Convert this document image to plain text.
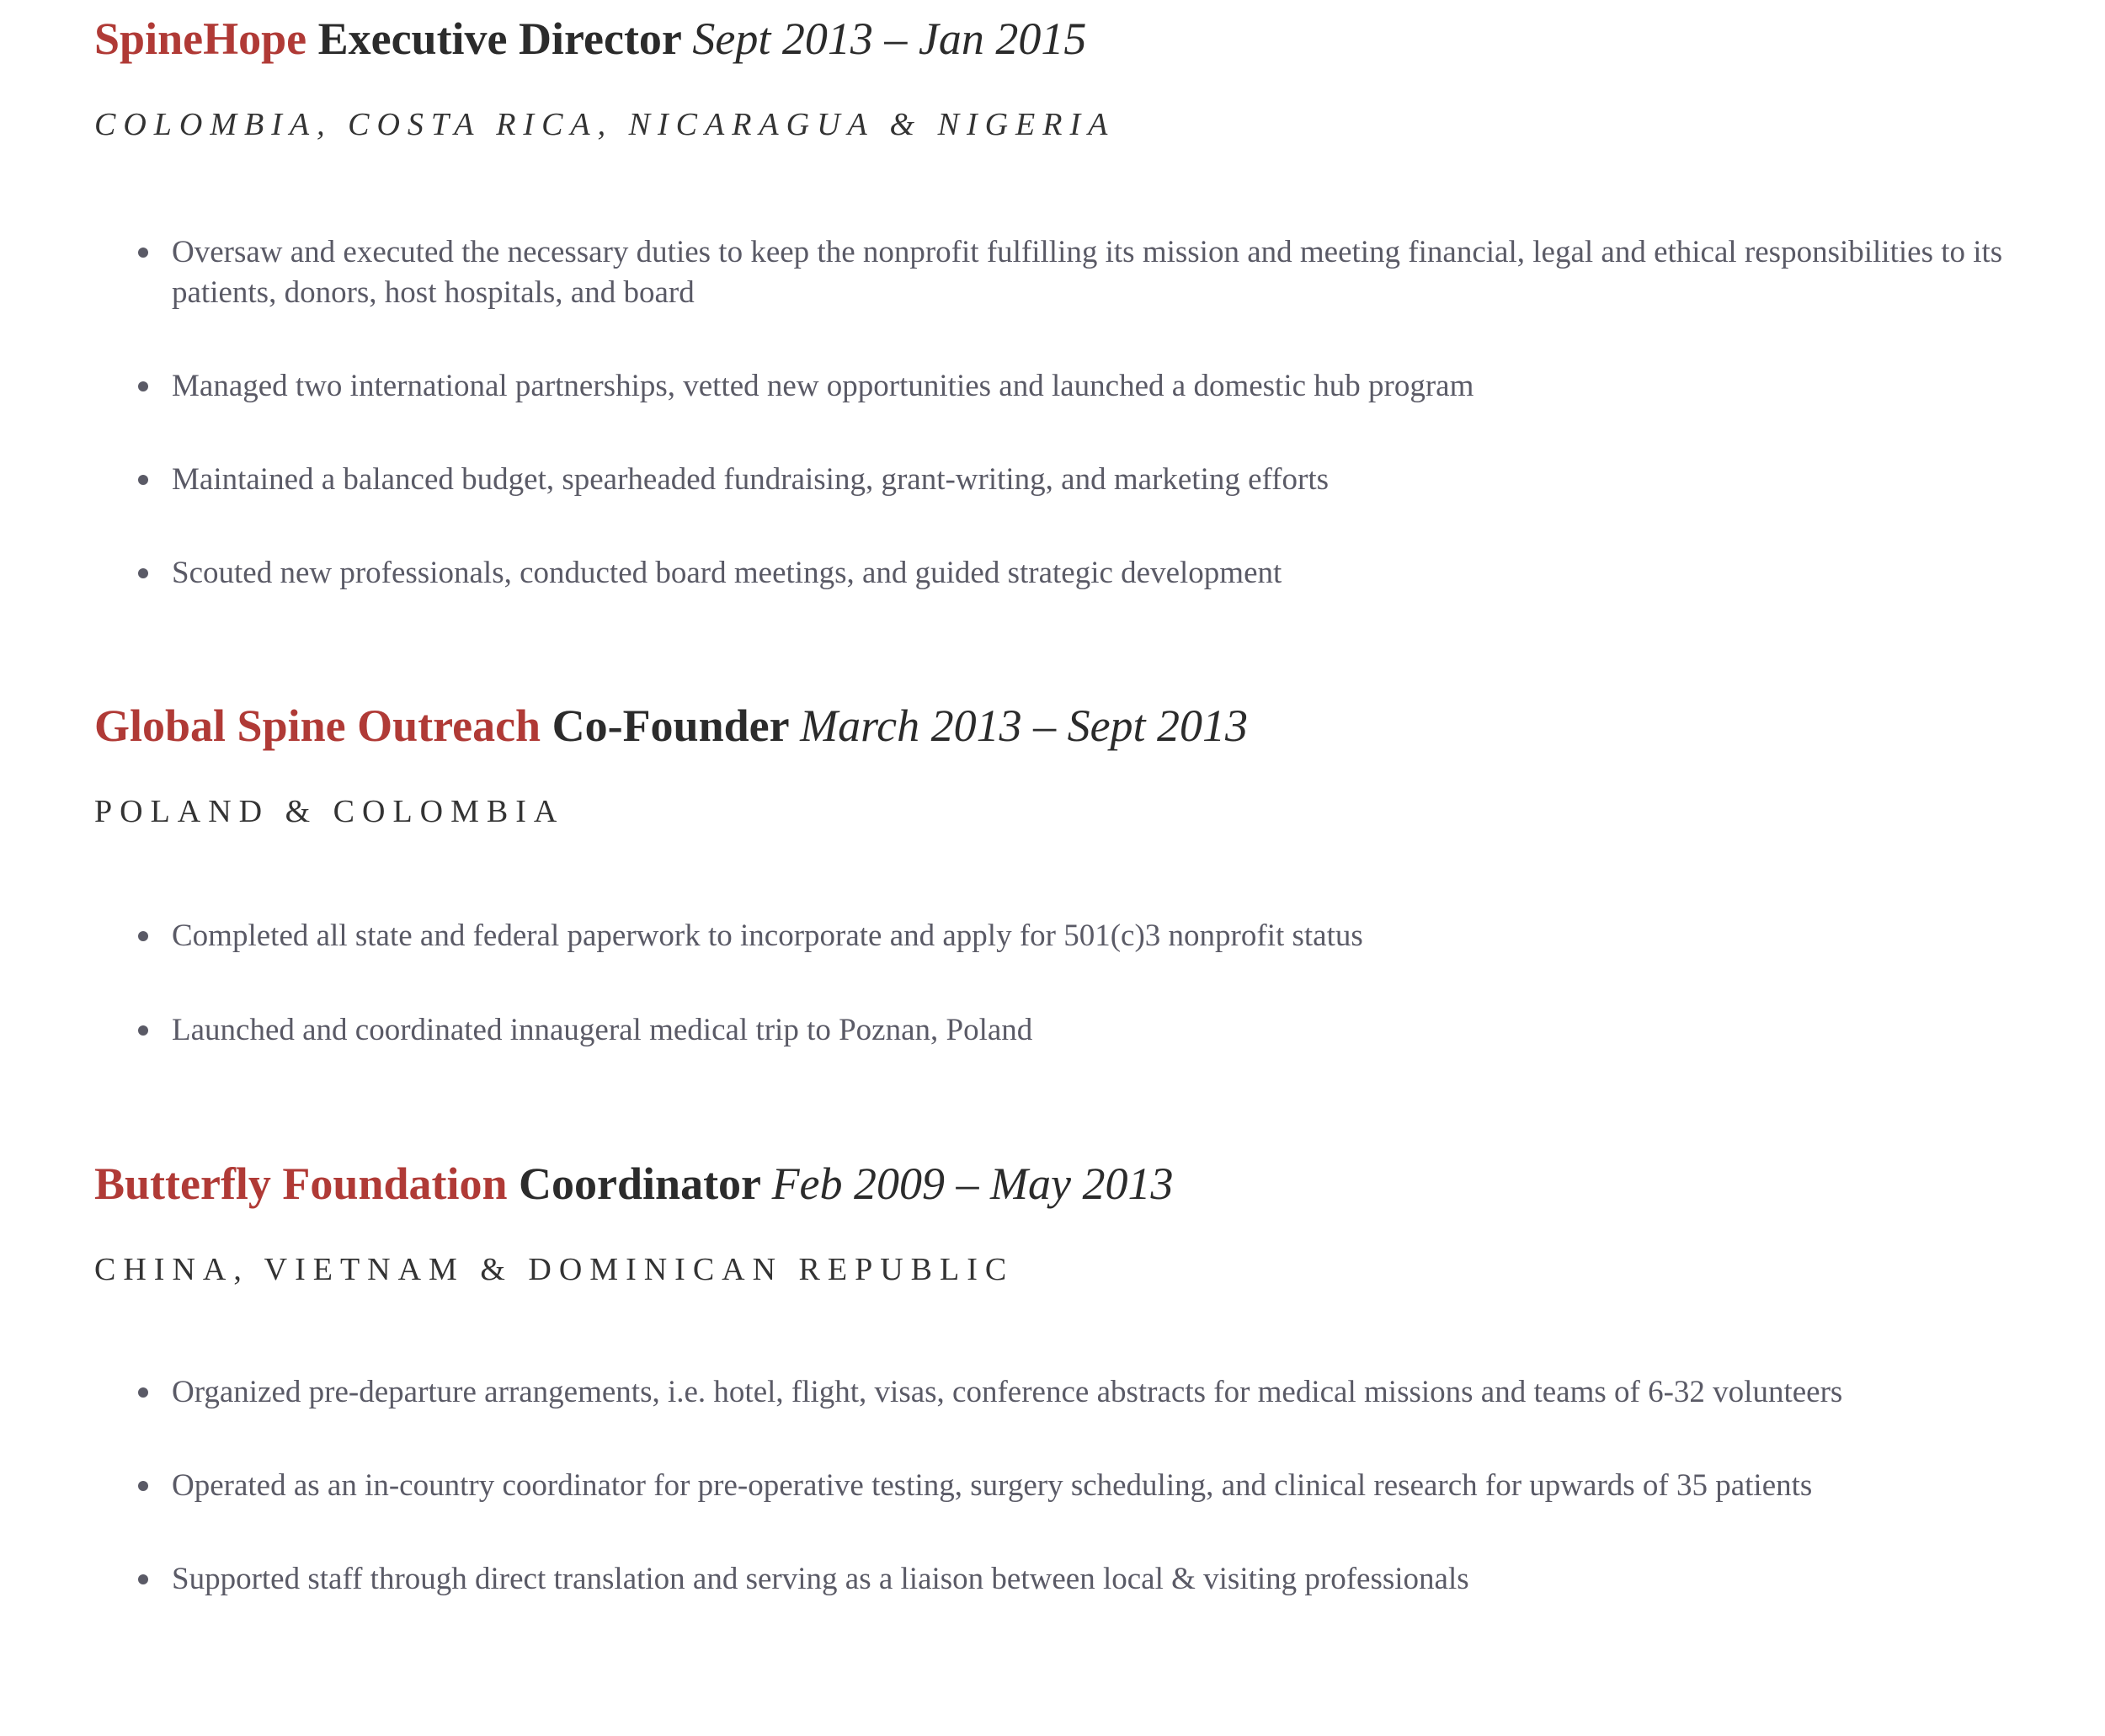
SpineHope Executive Director Sept 2013 – Jan 2015
COLOMBIA, COSTA RICA, NICARAGUA & NIGERIA
Oversaw and executed the necessary duties to keep the nonprofit fulfilling its mission and meeting financial, legal and ethical responsibilities to its patients, donors, host hospitals, and board
Managed two international partnerships, vetted new opportunities and launched a domestic hub program
Maintained a balanced budget, spearheaded fundraising, grant-writing, and marketing efforts
Scouted new professionals, conducted board meetings, and guided strategic development
Global Spine Outreach Co-Founder March 2013 – Sept 2013
POLAND & COLOMBIA
Completed all state and federal paperwork to incorporate and apply for 501(c)3 nonprofit status
Launched and coordinated innaugeral medical trip to Poznan, Poland
Butterfly Foundation Coordinator Feb 2009 – May 2013
CHINA, VIETNAM & DOMINICAN REPUBLIC
Organized pre-departure arrangements, i.e. hotel, flight, visas, conference abstracts for medical missions and teams of 6-32 volunteers
Operated as an in-country coordinator for pre-operative testing, surgery scheduling, and clinical research for upwards of 35 patients
Supported staff through direct translation and serving as a liaison between local & visiting professionals
